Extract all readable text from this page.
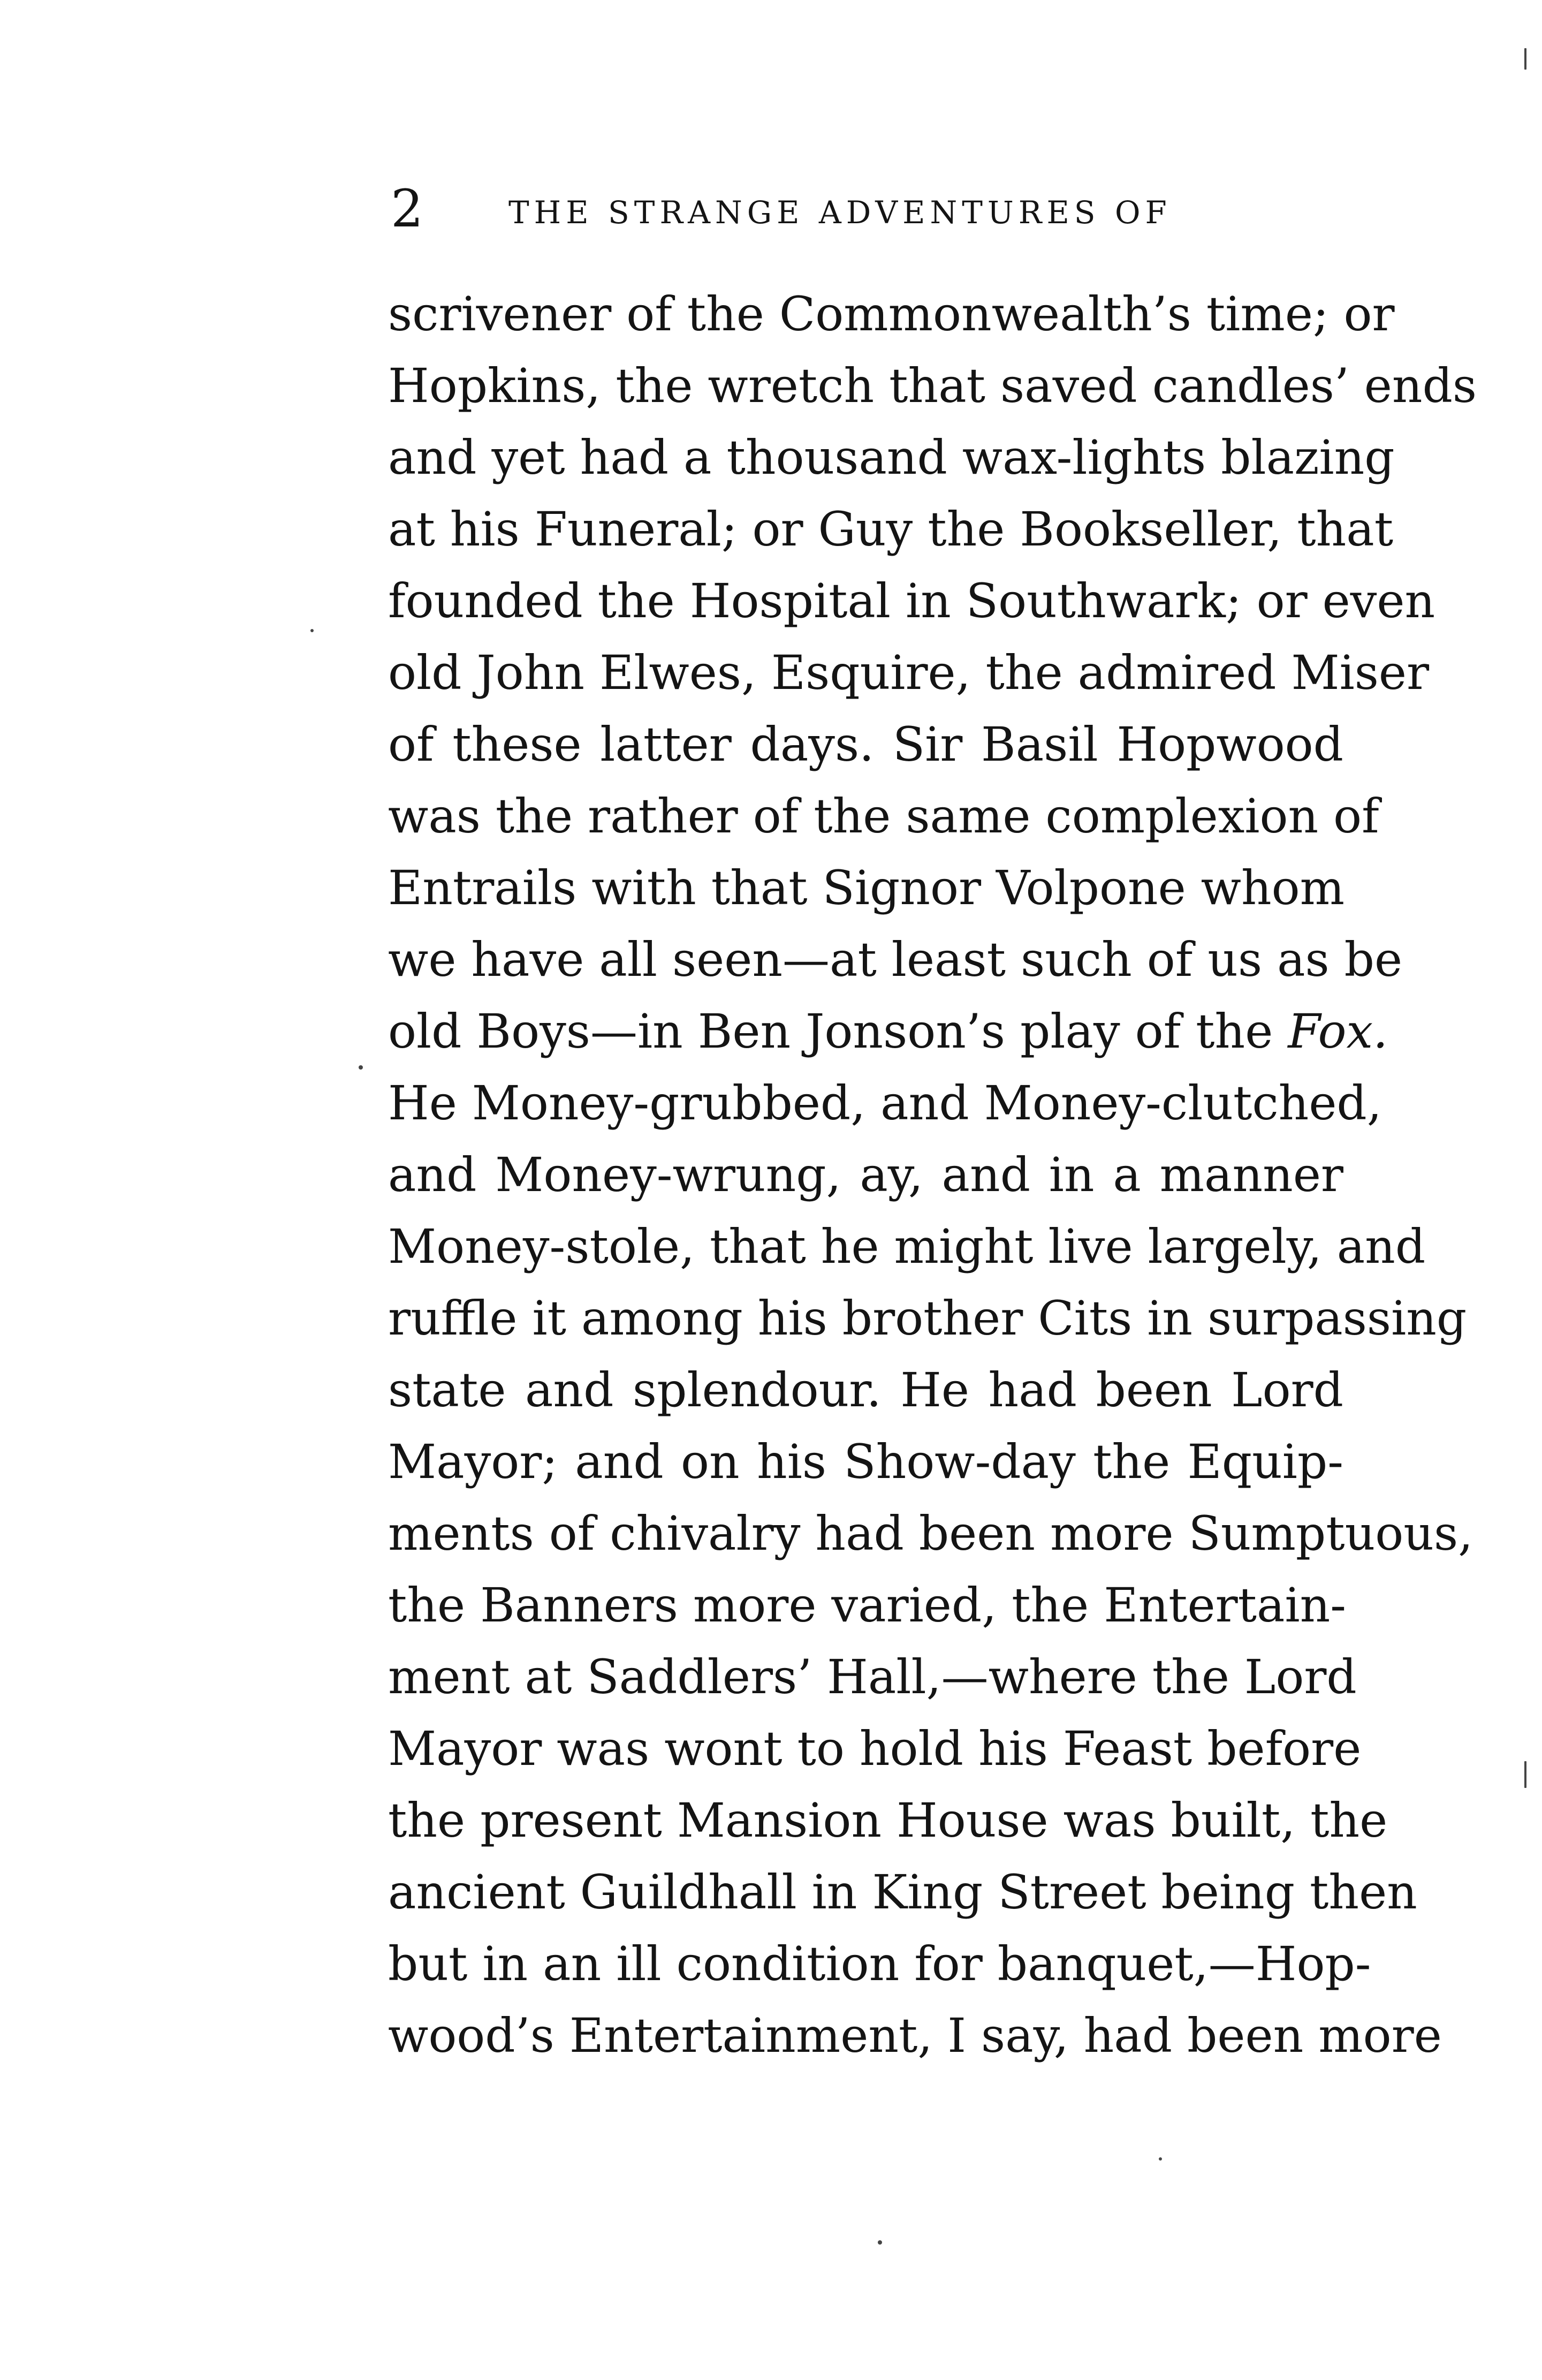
2	THE STRANGE ADVENTURES OF
scrivener of the Commonwealth’s time; or
Hopkins, the wretch that saved candles’ ends
and yet had a thousand wax-lights blazing
at his Funeral; or Guy the Bookseller, that
founded the Hospital in Southwark; or even
old John Elwes, Esquire, the admired Miser
of these latter days. Sir Basil Hopwood
was the rather of the same complexion of
Entrails with that Signor Volpone whom
we have all seen—at least such of us as be
old Boys—in Ben Jonson’s play of the Fox.
He Money-grubbed, and Money-clutched,
and Money-wrung, ay, and in a manner
Money-stole, that he might live largely, and
ruffle it among his brother Cits in surpassing
state and splendour. He had been Lord
Mayor; and on his Show-day the Equip-
ments of chivalry had been more Sumptuous,
the Banners more varied, the Entertain-
ment at Saddlers’ Hall,—where the Lord
Mayor was wont to hold his Feast before
the present Mansion House was built, the
ancient Guildhall in King Street being then
but in an ill condition for banquet,—Hop-
wood’s Entertainment, I say, had been more
